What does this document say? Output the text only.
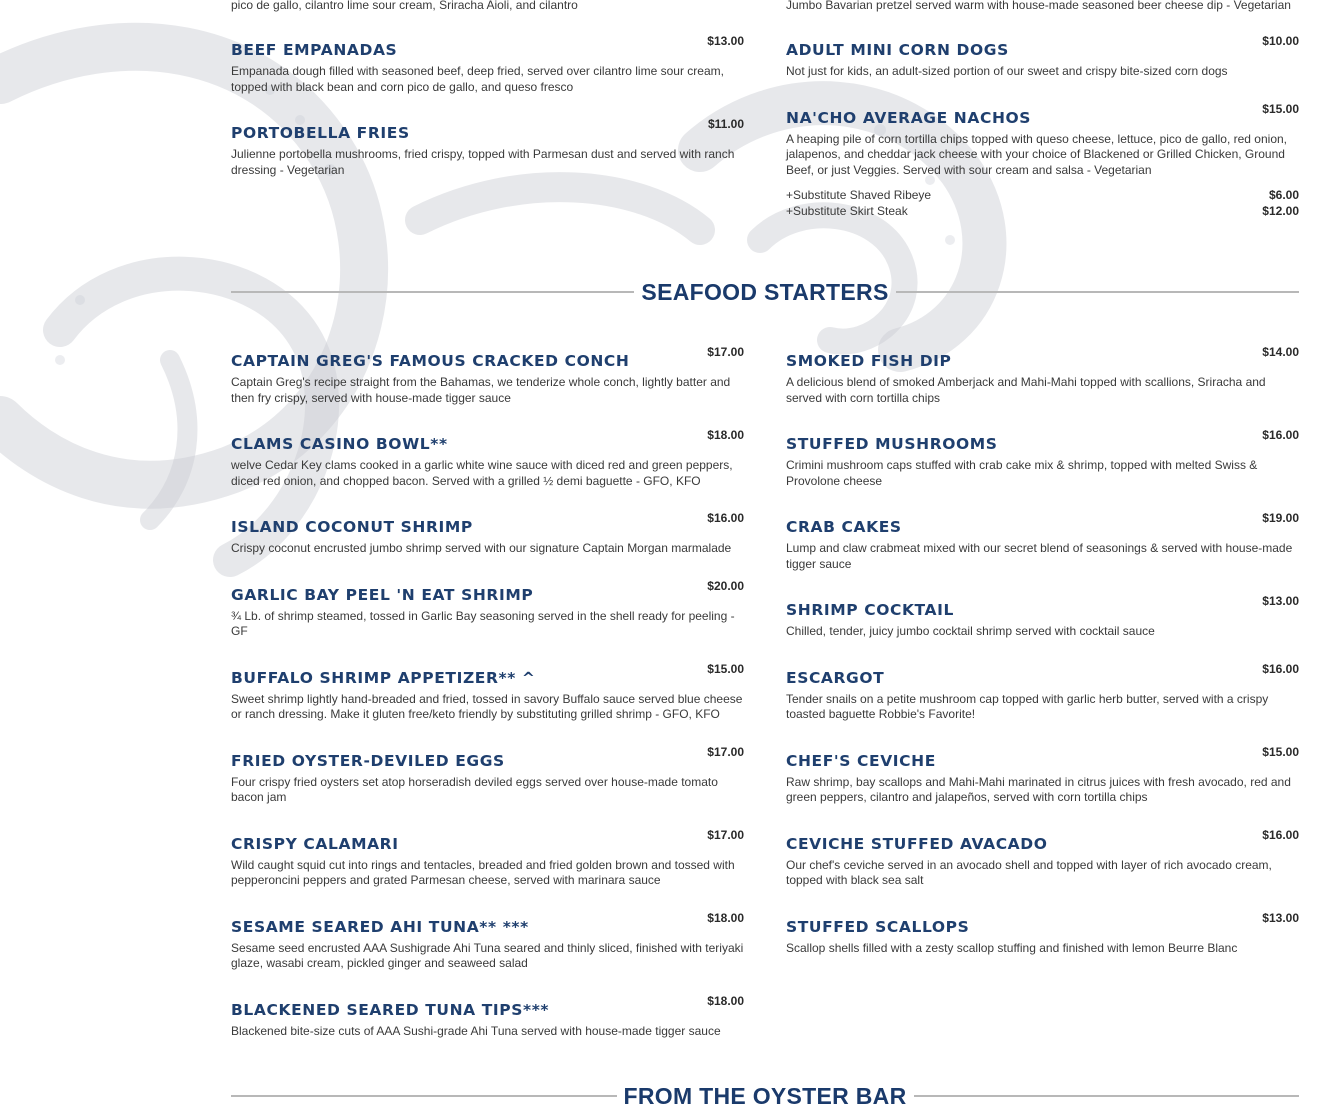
pico de gallo, cilantro lime sour cream, Sriracha Aioli, and cilantro	Jumbo Bavarian pretzel served warm with house-made seasoned beer cheese dip - Vegetarian
BEEF EMPANADAS	$13.00
Empanada dough filled with seasoned beef, deep fried, served over cilantro lime sour cream, topped with black bean and corn pico de gallo, and queso fresco
PORTOBELLA FRIES	$11.00
Julienne portobella mushrooms, fried crispy, topped with Parmesan dust and served with ranch dressing - Vegetarian
ADULT MINI CORN DOGS	$10.00
Not just for kids, an adult-sized portion of our sweet and crispy bite-sized corn dogs
NA'CHO AVERAGE NACHOS	$15.00
A heaping pile of corn tortilla chips topped with queso cheese, lettuce, pico de gallo, red onion, jalapenos, and cheddar jack cheese with your choice of Blackened or Grilled Chicken, Ground Beef, or just Veggies. Served with sour cream and salsa - Vegetarian
+Substitute Shaved Ribeye	$6.00
+Substitute Skirt Steak	$12.00
SEAFOOD STARTERS
CAPTAIN GREG'S FAMOUS CRACKED CONCH	$17.00
Captain Greg's recipe straight from the Bahamas, we tenderize whole conch, lightly batter and then fry crispy, served with house-made tigger sauce
CLAMS CASINO BOWL**	$18.00
welve Cedar Key clams cooked in a garlic white wine sauce with diced red and green peppers, diced red onion, and chopped bacon. Served with a grilled ½ demi baguette - GFO, KFO
ISLAND COCONUT SHRIMP	$16.00
Crispy coconut encrusted jumbo shrimp served with our signature Captain Morgan marmalade
GARLIC BAY PEEL 'N EAT SHRIMP	$20.00
¾ Lb. of shrimp steamed, tossed in Garlic Bay seasoning served in the shell ready for peeling - GF
BUFFALO SHRIMP APPETIZER** ^	$15.00
Sweet shrimp lightly hand-breaded and fried, tossed in savory Buffalo sauce served blue cheese or ranch dressing. Make it gluten free/keto friendly by substituting grilled shrimp - GFO, KFO
FRIED OYSTER-DEVILED EGGS	$17.00
Four crispy fried oysters set atop horseradish deviled eggs served over house-made tomato bacon jam
CRISPY CALAMARI	$17.00
Wild caught squid cut into rings and tentacles, breaded and fried golden brown and tossed with pepperoncini peppers and grated Parmesan cheese, served with marinara sauce
SESAME SEARED AHI TUNA** ***	$18.00
Sesame seed encrusted AAA Sushigrade Ahi Tuna seared and thinly sliced, finished with teriyaki glaze, wasabi cream, pickled ginger and seaweed salad
BLACKENED SEARED TUNA TIPS***	$18.00
Blackened bite-size cuts of AAA Sushi-grade Ahi Tuna served with house-made tigger sauce
SMOKED FISH DIP	$14.00
A delicious blend of smoked Amberjack and Mahi-Mahi topped with scallions, Sriracha and served with corn tortilla chips
STUFFED MUSHROOMS	$16.00
Crimini mushroom caps stuffed with crab cake mix & shrimp, topped with melted Swiss & Provolone cheese
CRAB CAKES	$19.00
Lump and claw crabmeat mixed with our secret blend of seasonings & served with house-made tigger sauce
SHRIMP COCKTAIL	$13.00
Chilled, tender, juicy jumbo cocktail shrimp served with cocktail sauce
ESCARGOT	$16.00
Tender snails on a petite mushroom cap topped with garlic herb butter, served with a crispy toasted baguette Robbie's Favorite!
CHEF'S CEVICHE	$15.00
Raw shrimp, bay scallops and Mahi-Mahi marinated in citrus juices with fresh avocado, red and green peppers, cilantro and jalapeños, served with corn tortilla chips
CEVICHE STUFFED AVACADO	$16.00
Our chef's ceviche served in an avocado shell and topped with layer of rich avocado cream, topped with black sea salt
STUFFED SCALLOPS	$13.00
Scallop shells filled with a zesty scallop stuffing and finished with lemon Beurre Blanc
FROM THE OYSTER BAR
